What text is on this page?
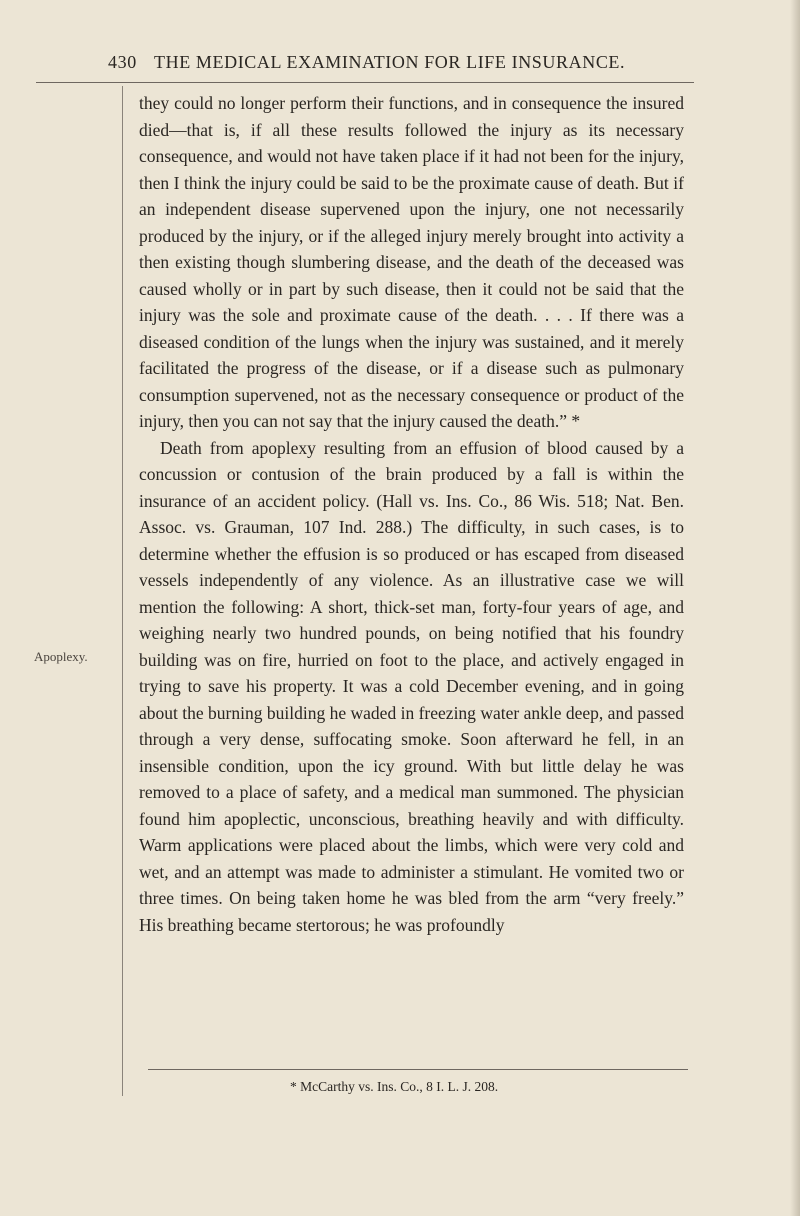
430 THE MEDICAL EXAMINATION FOR LIFE INSURANCE.

they could no longer perform their functions, and in consequence the insured died—that is, if all these results followed the injury as its necessary consequence, and would not have taken place if it had not been for the injury, then I think the injury could be said to be the proximate cause of death. But if an independent disease supervened upon the injury, one not necessarily produced by the injury, or if the alleged injury merely brought into activity a then existing though slumbering disease, and the death of the deceased was caused wholly or in part by such disease, then it could not be said that the injury was the sole and proximate cause of the death. . . . If there was a diseased condition of the lungs when the injury was sustained, and it merely facilitated the progress of the disease, or if a disease such as pulmonary consumption supervened, not as the necessary consequence or product of the injury, then you can not say that the injury caused the death.” *

Death from apoplexy resulting from an effusion of blood caused by a concussion or contusion of the brain produced by a fall is within the insurance of an accident policy. (Hall vs. Ins. Co., 86 Wis. 518; Nat. Ben. Assoc. vs. Grauman, 107 Ind. 288.) The difficulty, in such cases, is to determine whether the effusion is so produced or has escaped from diseased vessels independently of any violence. As an illustrative case we will mention the following: A short, thick-set man, forty-four years of age, and weighing nearly two hundred pounds, on being notified that his foundry building was on fire, hurried on foot to the place, and actively engaged in trying to save his property. It was a cold December evening, and in going about the burning building he waded in freezing water ankle deep, and passed through a very dense, suffocating smoke. Soon afterward he fell, in an insensible condition, upon the icy ground. With but little delay he was removed to a place of safety, and a medical man summoned. The physician found him apoplectic, unconscious, breathing heavily and with difficulty. Warm applications were placed about the limbs, which were very cold and wet, and an attempt was made to administer a stimulant. He vomited two or three times. On being taken home he was bled from the arm “very freely.” His breathing became stertorous; he was profoundly

Apoplexy.
* McCarthy vs. Ins. Co., 8 I. L. J. 208.
